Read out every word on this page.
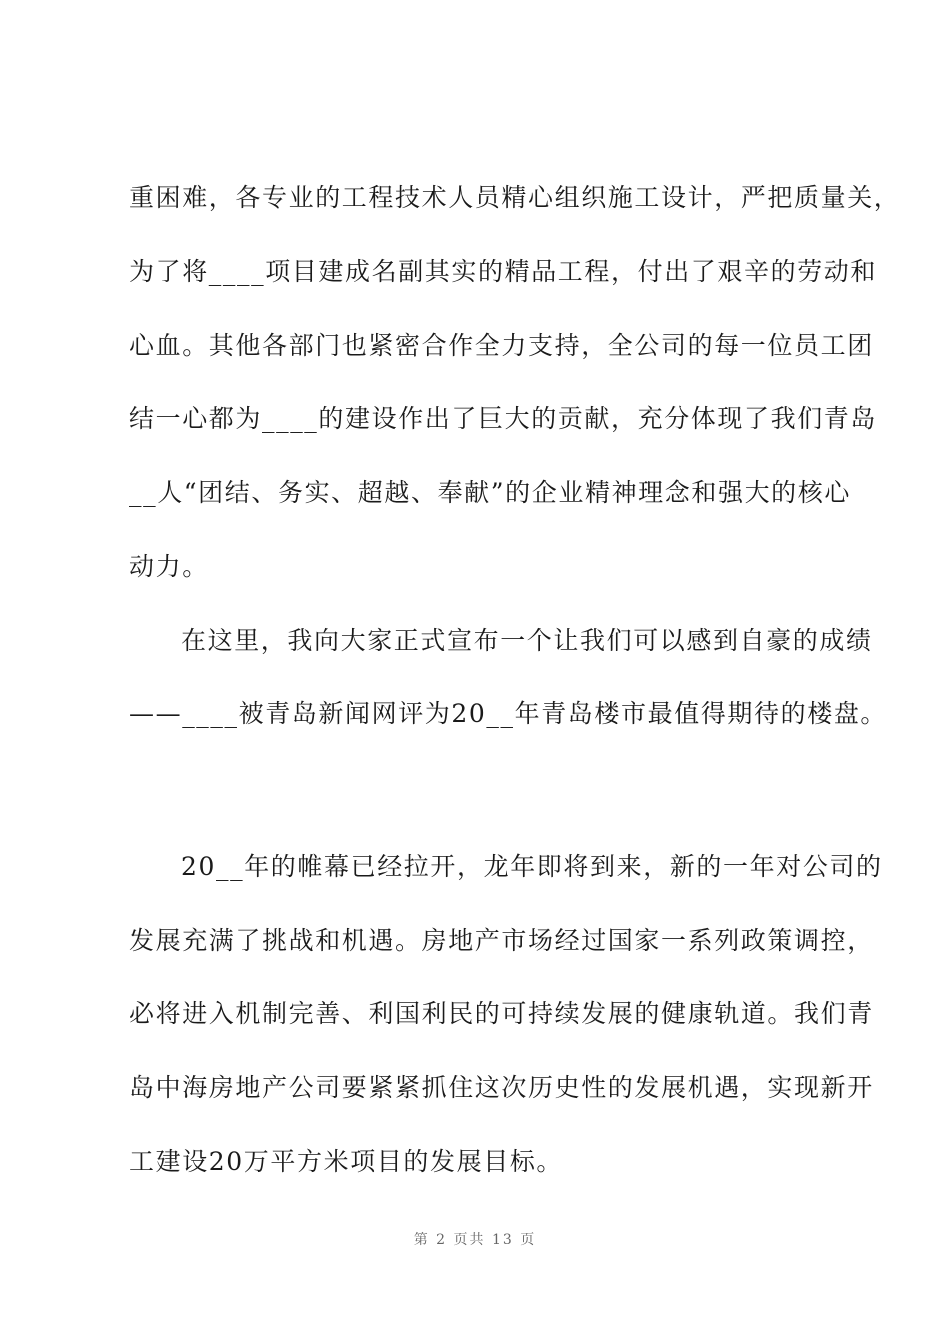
重困难，各专业的工程技术人员精心组织施工设计，严把质量关，
为了将____项目建成名副其实的精品工程，付出了艰辛的劳动和
心血。其他各部门也紧密合作全力支持，全公司的每一位员工团
结一心都为____的建设作出了巨大的贡献，充分体现了我们青岛
__人“团结、务实、超越、奉献”的企业精神理念和强大的核心
动力。
在这里，我向大家正式宣布一个让我们可以感到自豪的成绩
——____被青岛新闻网评为20__年青岛楼市最值得期待的楼盘。
20__年的帷幕已经拉开，龙年即将到来，新的一年对公司的
发展充满了挑战和机遇。房地产市场经过国家一系列政策调控，
必将进入机制完善、利国利民的可持续发展的健康轨道。我们青
岛中海房地产公司要紧紧抓住这次历史性的发展机遇，实现新开
工建设20万平方米项目的发展目标。
第 2 页共 13 页
